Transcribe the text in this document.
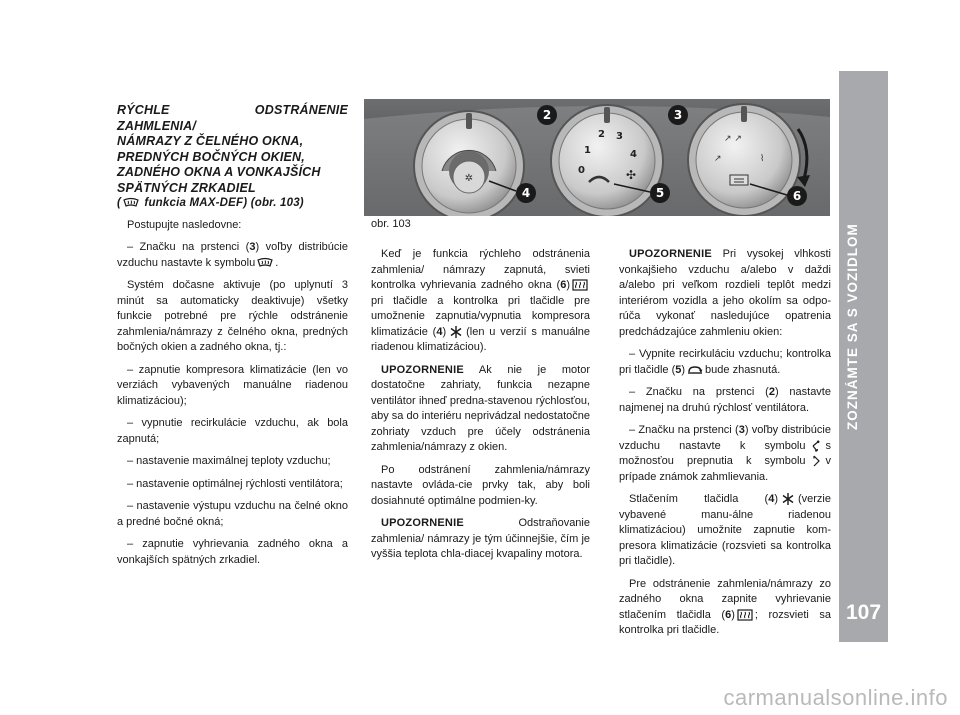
ZOZNÁMTE SA S VOZIDLOM
107
RÝCHLE ODSTRÁNENIE ZAHMLENIA/
NÁMRAZY Z ČELNÉHO OKNA,
PREDNÝCH BOČNÝCH OKIEN,
ZADNÉHO OKNA A VONKAJŠÍCH
SPÄTNÝCH ZRKADIEL
(
funkcia MAX-DEF) (obr. 103)

Postupujte nasledovne:

– Značku na prstenci (3) voľby distribúcie vzduchu nastavte k symbolu .

Systém dočasne aktivuje (po uplynutí 3 minút sa automaticky deaktivuje) všetky funkcie potrebné pre rýchle odstránenie zahmlenia/námrazy z čelného okna, predných bočných okien a zadného okna, tj.:

– zapnutie kompresora klimatizácie (len vo verziách vybavených manuálne riadenou klimatizáciou);

– vypnutie recirkulácie vzduchu, ak bola zapnutá;

– nastavenie maximálnej teploty vzduchu;

– nastavenie optimálnej rýchlosti ventilátora;

– nastavenie výstupu vzduchu na čelné okno a predné bočné okná;

– zapnutie vyhrievania zadného okna a vonkajších spätných zrkadiel.

✲
0
1
2 3
4
✣
↗ ↗
↗	⌇
2	3
4	5	6
obr. 103

Keď je funkcia rýchleho odstránenia zahmlenia/ námrazy zapnutá, svieti kontrolka vyhrievania zadného okna (6)
pri tlačidle a kontrolka pri tlačidle pre umožnenie zapnutia/vypnutia kompresora klimatizácie (4) (len u verzií s manuálne riadenou klimatizáciou).

UPOZORNENIE Ak nie je motor dostatočne zahriaty, funkcia nezapne ventilátor ihneď predna-stavenou rýchlosťou, aby sa do interiéru neprivádzal nedostatočne zohriaty vzduch pre účely odstránenia zahmlenia/námrazy z okien.

Po odstránení zahmlenia/námrazy nastavte ovláda-cie prvky tak, aby boli dosiahnuté optimálne podmien-ky.

UPOZORNENIE Odstraňovanie zahmlenia/ námrazy je tým účinnejšie, čím je vyššia teplota chla-diacej kvapaliny motora.

UPOZORNENIE Pri vysokej vlhkosti vonkajšieho vzduchu a/alebo v daždi a/alebo pri veľkom rozdieli teplôt medzi interiérom vozidla a jeho okolím sa odpo-rúča vykonať nasledujúce opatrenia predchádzajúce zahmleniu okien:

– Vypnite recirkuláciu vzduchu; kontrolka pri tlačidle (5) bude zhasnutá.

– Značku na prstenci (2) nastavte najmenej na druhú rýchlosť ventilátora.

– Značku na prstenci (3) voľby distribúcie vzduchu nastavte k symbolu s možnosťou prepnutia k symbolu v prípade známok zahmlievania.

Stlačením tlačidla (4) (verzie vybavené manu-álne riadenou klimatizáciou) umožnite zapnutie kom-presora klimatizácie (rozsvieti sa kontrolka pri tlačidle).

Pre odstránenie zahmlenia/námrazy zo zadného okna zapnite vyhrievanie stlačením tlačidla (6) ; rozsvieti sa kontrolka pri tlačidle.

carmanualsonline.info
